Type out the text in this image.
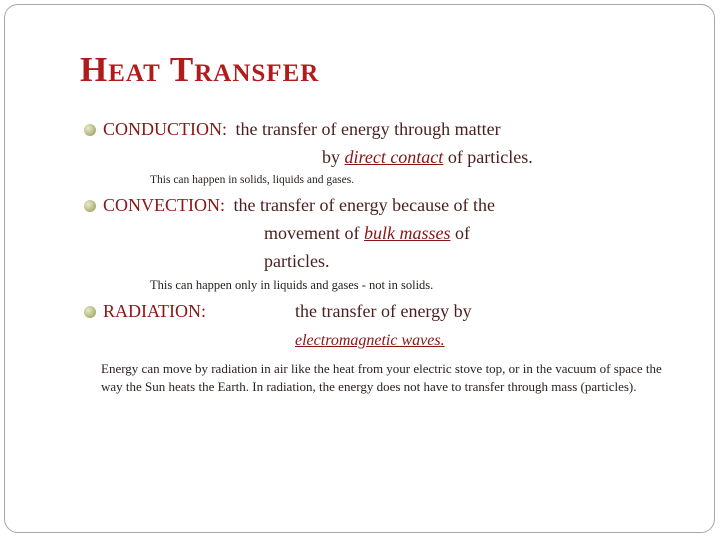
Heat Transfer
CONDUCTION: the transfer of energy through matter
by direct contact of particles.
This can happen in solids, liquids and gases.
CONVECTION: the transfer of energy because of the
movement of bulk masses of
particles.
This can happen only in liquids and gases - not in solids.
RADIATION:	the transfer of energy by
electromagnetic waves.
Energy can move by radiation in air like the heat from your electric stove top, or in the vacuum of space the way the Sun heats the Earth. In radiation, the energy does not have to transfer through mass (particles).
